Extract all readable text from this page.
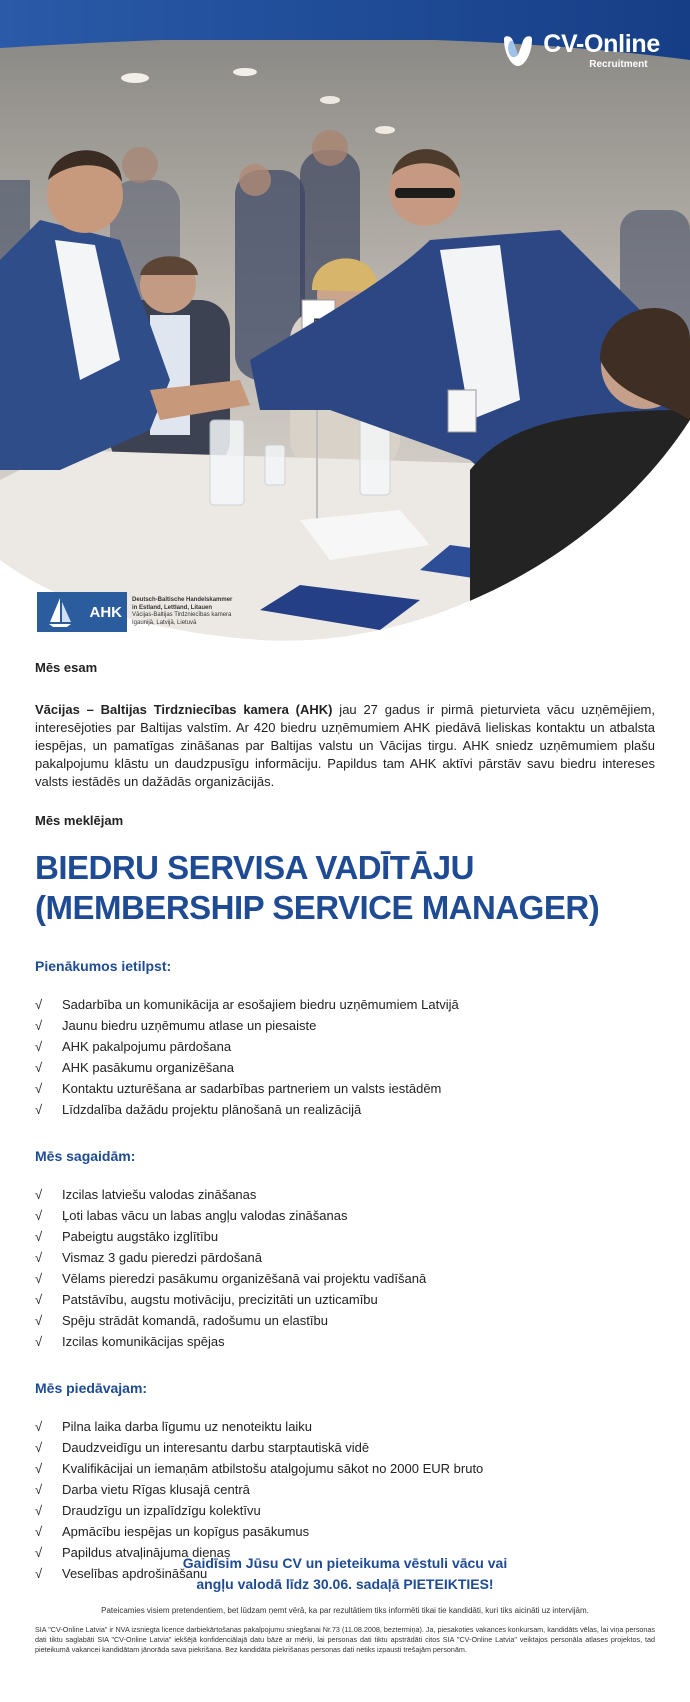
CV-Online
Recruitment
AHK
Deutsch-Baltische Handelskammer
in Estland, Lettland, Litauen
Vācijas-Baltijas Tirdzniecības kamera
Igaunijā, Latvijā, Lietuvā
Mēs esam

Vācijas – Baltijas Tirdzniecības kamera (AHK) jau 27 gadus ir pirmā pieturvieta vācu uzņēmējiem, interesējoties par Baltijas valstīm. Ar 420 biedru uzņēmumiem AHK piedāvā lieliskas kontaktu un atbalsta iespējas, un pamatīgas zināšanas par Baltijas valstu un Vācijas tirgu. AHK sniedz uzņēmumiem plašu pakalpojumu klāstu un daudzpusīgu informāciju. Papildus tam AHK aktīvi pārstāv savu biedru intereses valsts iestādēs un dažādās organizācijās.

Mēs meklējam
BIEDRU SERVISA VADĪTĀJU
(MEMBERSHIP SERVICE MANAGER)
Pienākumos ietilpst:
√	Sadarbība un komunikācija ar esošajiem biedru uzņēmumiem Latvijā
√	Jaunu biedru uzņēmumu atlase un piesaiste
√	AHK pakalpojumu pārdošana
√	AHK pasākumu organizēšana
√	Kontaktu uzturēšana ar sadarbības partneriem un valsts iestādēm
√	Līdzdalība dažādu projektu plānošanā un realizācijā
Mēs sagaidām:
√	Izcilas latviešu valodas zināšanas
√	Ļoti labas vācu un labas angļu valodas zināšanas
√	Pabeigtu augstāko izglītību
√	Vismaz 3 gadu pieredzi pārdošanā
√	Vēlams pieredzi pasākumu organizēšanā vai projektu vadīšanā
√	Patstāvību, augstu motivāciju, precizitāti un uzticamību
√	Spēju strādāt komandā, radošumu un elastību
√	Izcilas komunikācijas spējas
Mēs piedāvajam:
√	Pilna laika darba līgumu uz nenoteiktu laiku
√	Daudzveidīgu un interesantu darbu starptautiskā vidē
√	Kvalifikācijai un iemaņām atbilstošu atalgojumu sākot no 2000 EUR bruto
√	Darba vietu Rīgas klusajā centrā
√	Draudzīgu un izpalīdzīgu kolektīvu
√	Apmācību iespējas un kopīgus pasākumus
√	Papildus atvaļinājuma dienas
√	Veselības apdrošināšanu
Gaidīsim Jūsu CV un pieteikuma vēstuli vācu vai
angļu valodā līdz 30.06. sadaļā PIETEIKTIES!
Pateicamies visiem pretendentiem, bet lūdzam ņemt vērā, ka par rezultātiem tiks informēti tikai tie kandidāti, kuri tiks aicināti uz intervijām.

SIA "CV-Online Latvia" ir NVA izsniegta licence darbiekārtošanas pakalpojumu sniegšanai Nr.73 (11.08.2008, beztermiņa). Ja, piesakoties vakances konkursam, kandidāts vēlas, lai viņa personas dati tiktu saglabāti SIA "CV-Online Latvia" iekšējā konfidenciālajā datu bāzē ar mērķi, lai personas dati tiktu apstrādāti citos SIA "CV-Online Latvia" veiktajos personāla atlases projektos, tad pieteikumā vakancei kandidātam jānorāda sava piekrišana. Bez kandidāta piekrišanas personas dati netiks izpausti trešajām personām.
